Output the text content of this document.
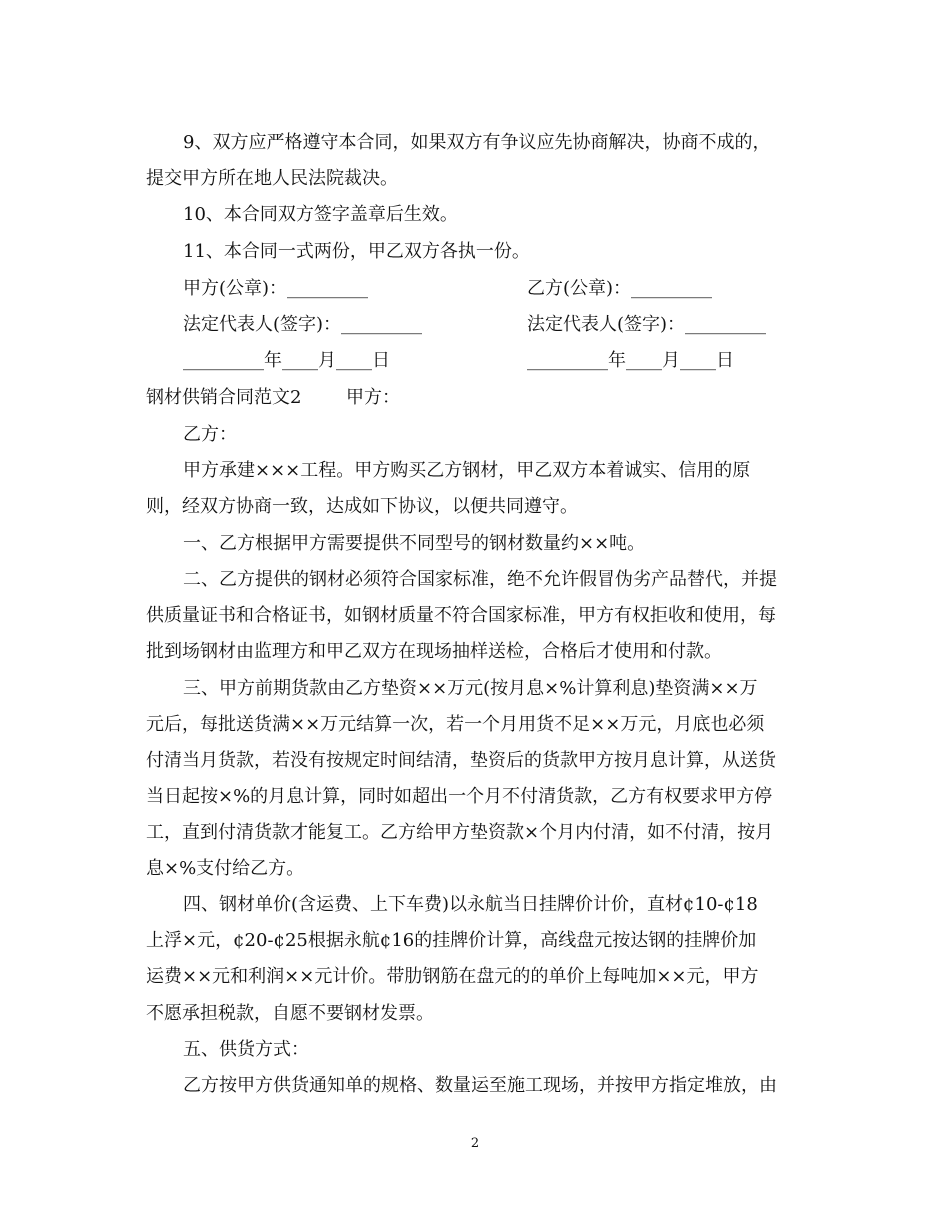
9、双方应严格遵守本合同，如果双方有争议应先协商解决，协商不成的，
提交甲方所在地人民法院裁决。
10、本合同双方签字盖章后生效。
11、本合同一式两份，甲乙双方各执一份。
甲方(公章)：_________	乙方(公章)：_________
法定代表人(签字)：_________	法定代表人(签字)：_________
_________年____月____日	_________年____月____日
钢材供销合同范文2 甲方：
乙方：
甲方承建×××工程。甲方购买乙方钢材，甲乙双方本着诚实、信用的原
则，经双方协商一致，达成如下协议，以便共同遵守。
一、乙方根据甲方需要提供不同型号的钢材数量约××吨。
二、乙方提供的钢材必须符合国家标准，绝不允许假冒伪劣产品替代，并提
供质量证书和合格证书，如钢材质量不符合国家标准，甲方有权拒收和使用，每
批到场钢材由监理方和甲乙双方在现场抽样送检，合格后才使用和付款。
三、甲方前期货款由乙方垫资××万元(按月息×%计算利息)垫资满××万
元后，每批送货满××万元结算一次，若一个月用货不足××万元，月底也必须
付清当月货款，若没有按规定时间结清，垫资后的货款甲方按月息计算，从送货
当日起按×%的月息计算，同时如超出一个月不付清货款，乙方有权要求甲方停
工，直到付清货款才能复工。乙方给甲方垫资款×个月内付清，如不付清，按月
息×%支付给乙方。
四、钢材单价(含运费、上下车费)以永航当日挂牌价计价，直材¢10-¢18
上浮×元，¢20-¢25根据永航¢16的挂牌价计算，高线盘元按达钢的挂牌价加
运费××元和利润××元计价。带肋钢筋在盘元的的单价上每吨加××元，甲方
不愿承担税款，自愿不要钢材发票。
五、供货方式：
乙方按甲方供货通知单的规格、数量运至施工现场，并按甲方指定堆放，由
2
